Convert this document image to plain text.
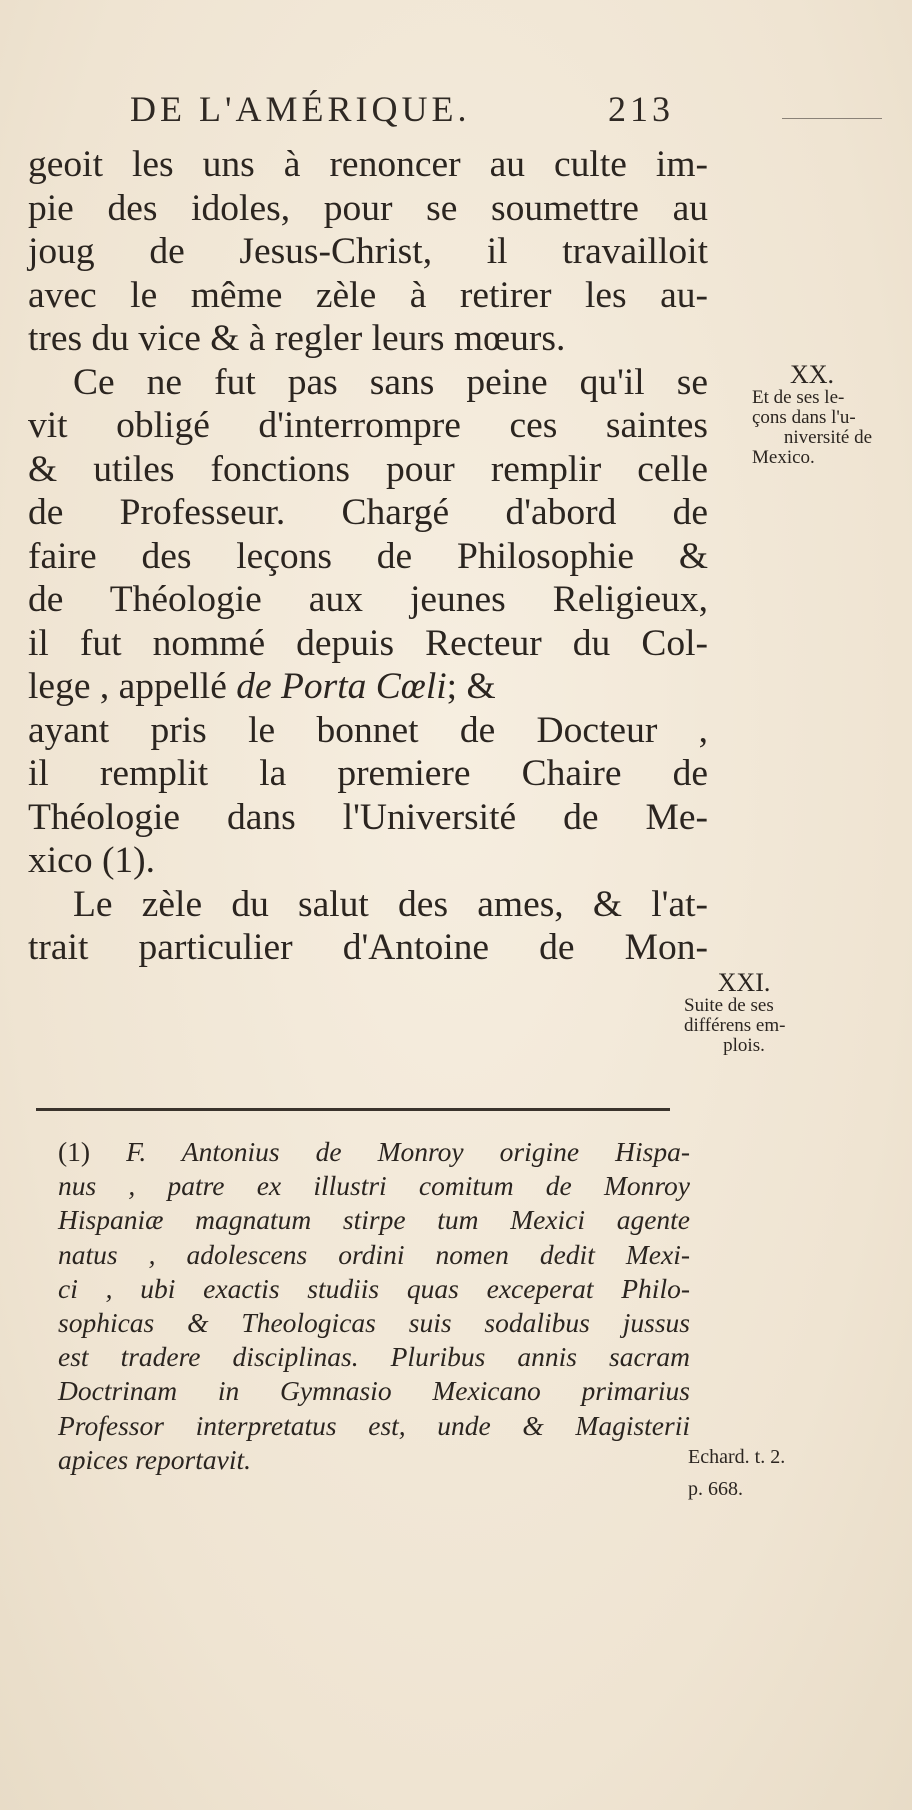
DE L'AMÉRIQUE.	213
geoit les uns à renoncer au culte im-
pie des idoles, pour se soumettre au
joug de Jesus-Christ, il travailloit
avec le même zèle à retirer les au-
tres du vice & à regler leurs mœurs.
Ce ne fut pas sans peine qu'il se
vit obligé d'interrompre ces saintes
& utiles fonctions pour remplir celle
de Professeur. Chargé d'abord de
faire des leçons de Philosophie &
de Théologie aux jeunes Religieux,
il fut nommé depuis Recteur du Col-
lege , appellé de Porta Cœli; &
ayant pris le bonnet de Docteur ,
il remplit la premiere Chaire de
Théologie dans l'Université de Me-
xico (1).
Le zèle du salut des ames, & l'at-
trait particulier d'Antoine de Mon-
XX.
Et de ses le-
çons dans l'u-
niversité de
Mexico.
XXI.
Suite de ses
différens em-
plois.
(1) F. Antonius de Monroy origine Hispa-
nus , patre ex illustri comitum de Monroy
Hispaniæ magnatum stirpe tum Mexici agente
natus , adolescens ordini nomen dedit Mexi-
ci , ubi exactis studiis quas exceperat Philo-
sophicas & Theologicas suis sodalibus jussus
est tradere disciplinas. Pluribus annis sacram
Doctrinam in Gymnasio Mexicano primarius
Professor interpretatus est, unde & Magisterii
apices reportavit.	Echard. t. 2.
p. 668.
